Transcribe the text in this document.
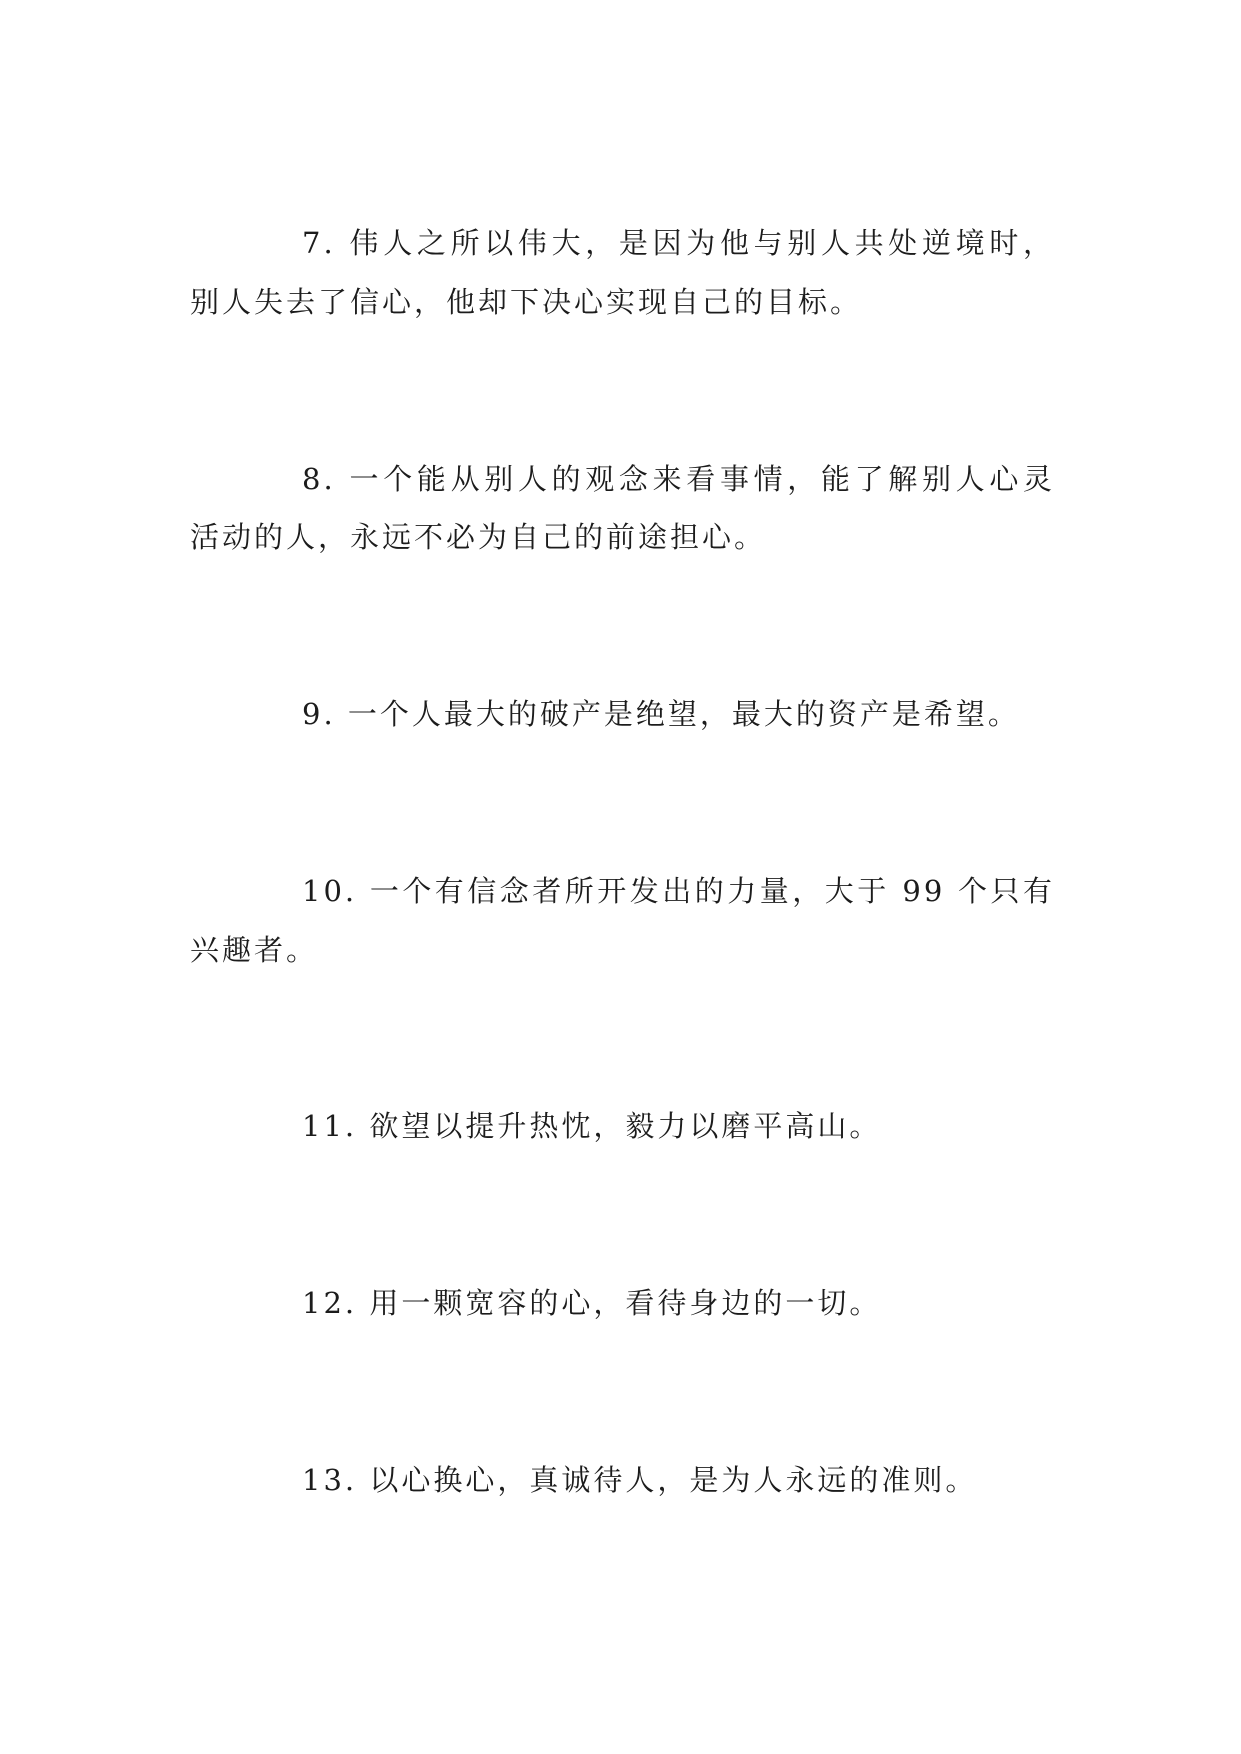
7. 伟人之所以伟大，是因为他与别人共处逆境时，
别人失去了信心，他却下决心实现自己的目标。
8. 一个能从别人的观念来看事情，能了解别人心灵
活动的人，永远不必为自己的前途担心。
9. 一个人最大的破产是绝望，最大的资产是希望。
10. 一个有信念者所开发出的力量，大于 99 个只有
兴趣者。
11. 欲望以提升热忱，毅力以磨平高山。
12. 用一颗宽容的心，看待身边的一切。
13. 以心换心，真诚待人，是为人永远的准则。
